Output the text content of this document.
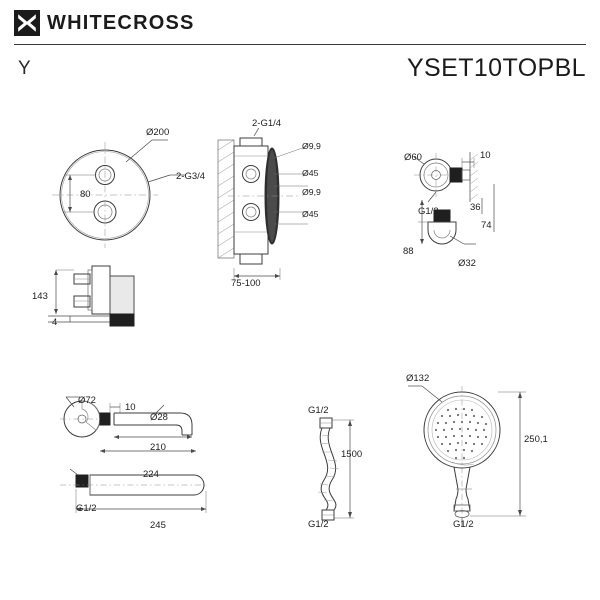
WHITECROSS
Y	YSET10TOPBL
Ø200
80
2-G3/4
2-G1/4
Ø9,9
Ø45
Ø9,9
Ø45
75-100
143
4
Ø60	10
G1/2	36
74
88
Ø32
Ø72
10
Ø28
210
224
G1/2
245
G1/2
1500
G1/2
Ø132
250,1
G1/2
